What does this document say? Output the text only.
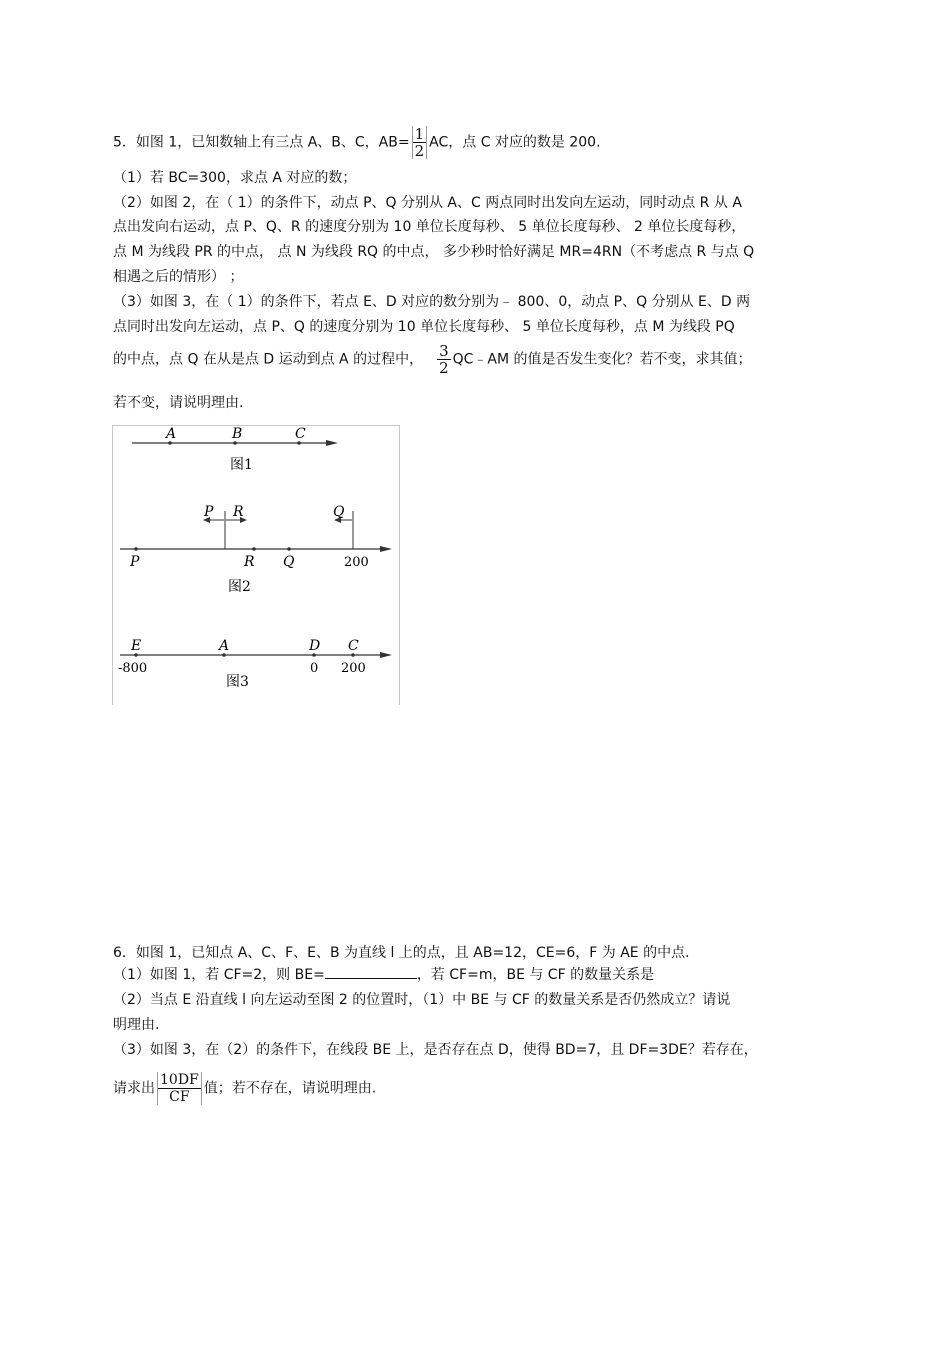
5．如图 1，已知数轴上有三点 A、B、C，$AB= \frac{1}{2}$ AC，点 C 对应的数是 200.
（1）若 BC=300，求点 A 对应的数；
（2）如图 2，在（ 1）的条件下，动点 P、Q 分别从 A、C 两点同时出发向左运动，同时动点 R 从 A
点出发向右运动，点 P、Q、R 的速度分别为 10 单位长度每秒、 5 单位长度每秒、 2 单位长度每秒，
点 M 为线段 PR 的中点， 点 N 为线段 RQ 的中点， 多少秒时恰好满足 MR=4RN（不考虑点 R 与点 Q
相遇之后的情形） ；
（3）如图 3，在（ 1）的条件下，若点 E、D 对应的数分别为﹣ 800、0，动点 P、Q 分别从 E、D 两
点同时出发向左运动，点 P、Q 的速度分别为 10 单位长度每秒、 5 单位长度每秒，点 M 为线段 PQ
的中点，点 Q 在从是点 D 运动到点 A 的过程中， $\frac{3}{2}$ QC﹣AM 的值是否发生变化？若不变，求其值；
若不变，请说明理由.
A	B	C
图1
P R	Q
P	R Q	200
图2
E	A	D C
-800	0 200
图3
6．如图 1，已知点 A、C、F、E、B 为直线 l 上的点，且 AB=12，CE=6，F 为 AE 的中点.
（1）如图 1，若 CF=2，则 BE=	，若 CF=m，BE 与 CF 的数量关系是
（2）当点 E 沿直线 l 向左运动至图 2 的位置时，（1）中 BE 与 CF 的数量关系是否仍然成立？请说
明理由.
（3）如图 3，在（2）的条件下，在线段 BE 上，是否存在点 D，使得 BD=7，且 DF=3DE？若存在，
请求出 $\frac{10DF}{CF}$ 值；若不存在，请说明理由.
